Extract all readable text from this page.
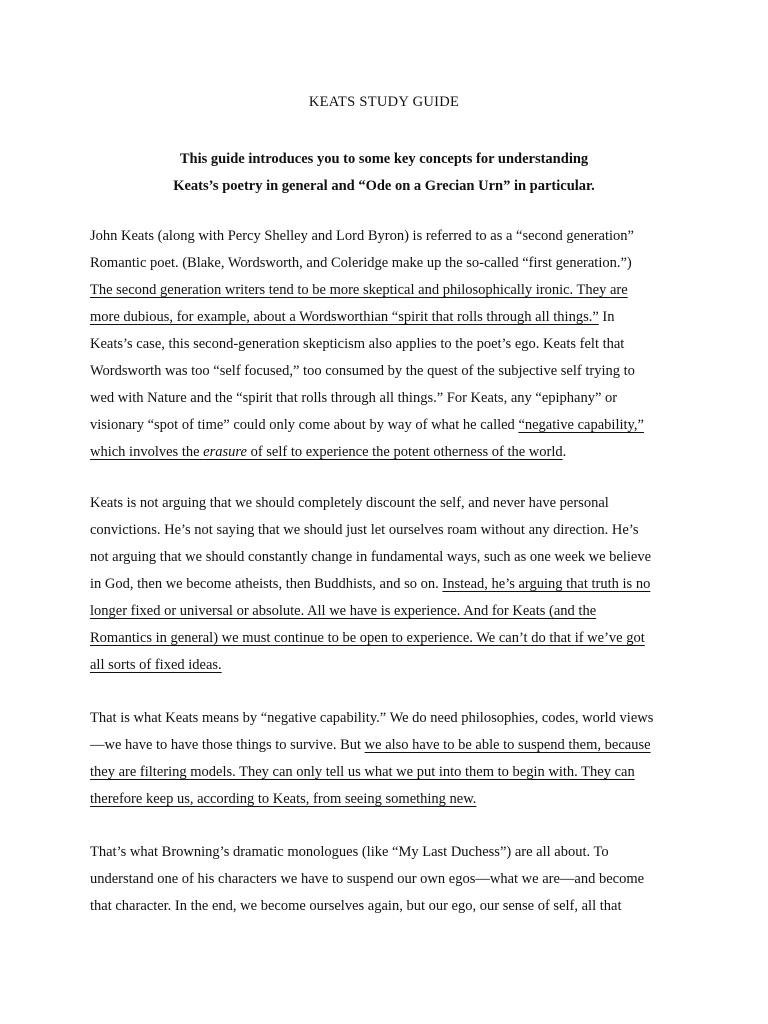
KEATS STUDY GUIDE
This guide introduces you to some key concepts for understanding
Keats’s poetry in general and “Ode on a Grecian Urn” in particular.
John Keats (along with Percy Shelley and Lord Byron) is referred to as a “second generation”
Romantic poet. (Blake, Wordsworth, and Coleridge make up the so-called “first generation.”)
The second generation writers tend to be more skeptical and philosophically ironic. They are
more dubious, for example, about a Wordsworthian “spirit that rolls through all things.” In
Keats’s case, this second-generation skepticism also applies to the poet’s ego. Keats felt that
Wordsworth was too “self focused,” too consumed by the quest of the subjective self trying to
wed with Nature and the “spirit that rolls through all things.” For Keats, any “epiphany” or
visionary “spot of time” could only come about by way of what he called “negative capability,”
which involves the erasure of self to experience the potent otherness of the world.
Keats is not arguing that we should completely discount the self, and never have personal
convictions. He’s not saying that we should just let ourselves roam without any direction. He’s
not arguing that we should constantly change in fundamental ways, such as one week we believe
in God, then we become atheists, then Buddhists, and so on. Instead, he’s arguing that truth is no
longer fixed or universal or absolute. All we have is experience. And for Keats (and the
Romantics in general) we must continue to be open to experience. We can’t do that if we’ve got
all sorts of fixed ideas.
That is what Keats means by “negative capability.” We do need philosophies, codes, world views
—we have to have those things to survive. But we also have to be able to suspend them, because
they are filtering models. They can only tell us what we put into them to begin with. They can
therefore keep us, according to Keats, from seeing something new.
That’s what Browning’s dramatic monologues (like “My Last Duchess”) are all about. To
understand one of his characters we have to suspend our own egos—what we are—and become
that character. In the end, we become ourselves again, but our ego, our sense of self, all that
